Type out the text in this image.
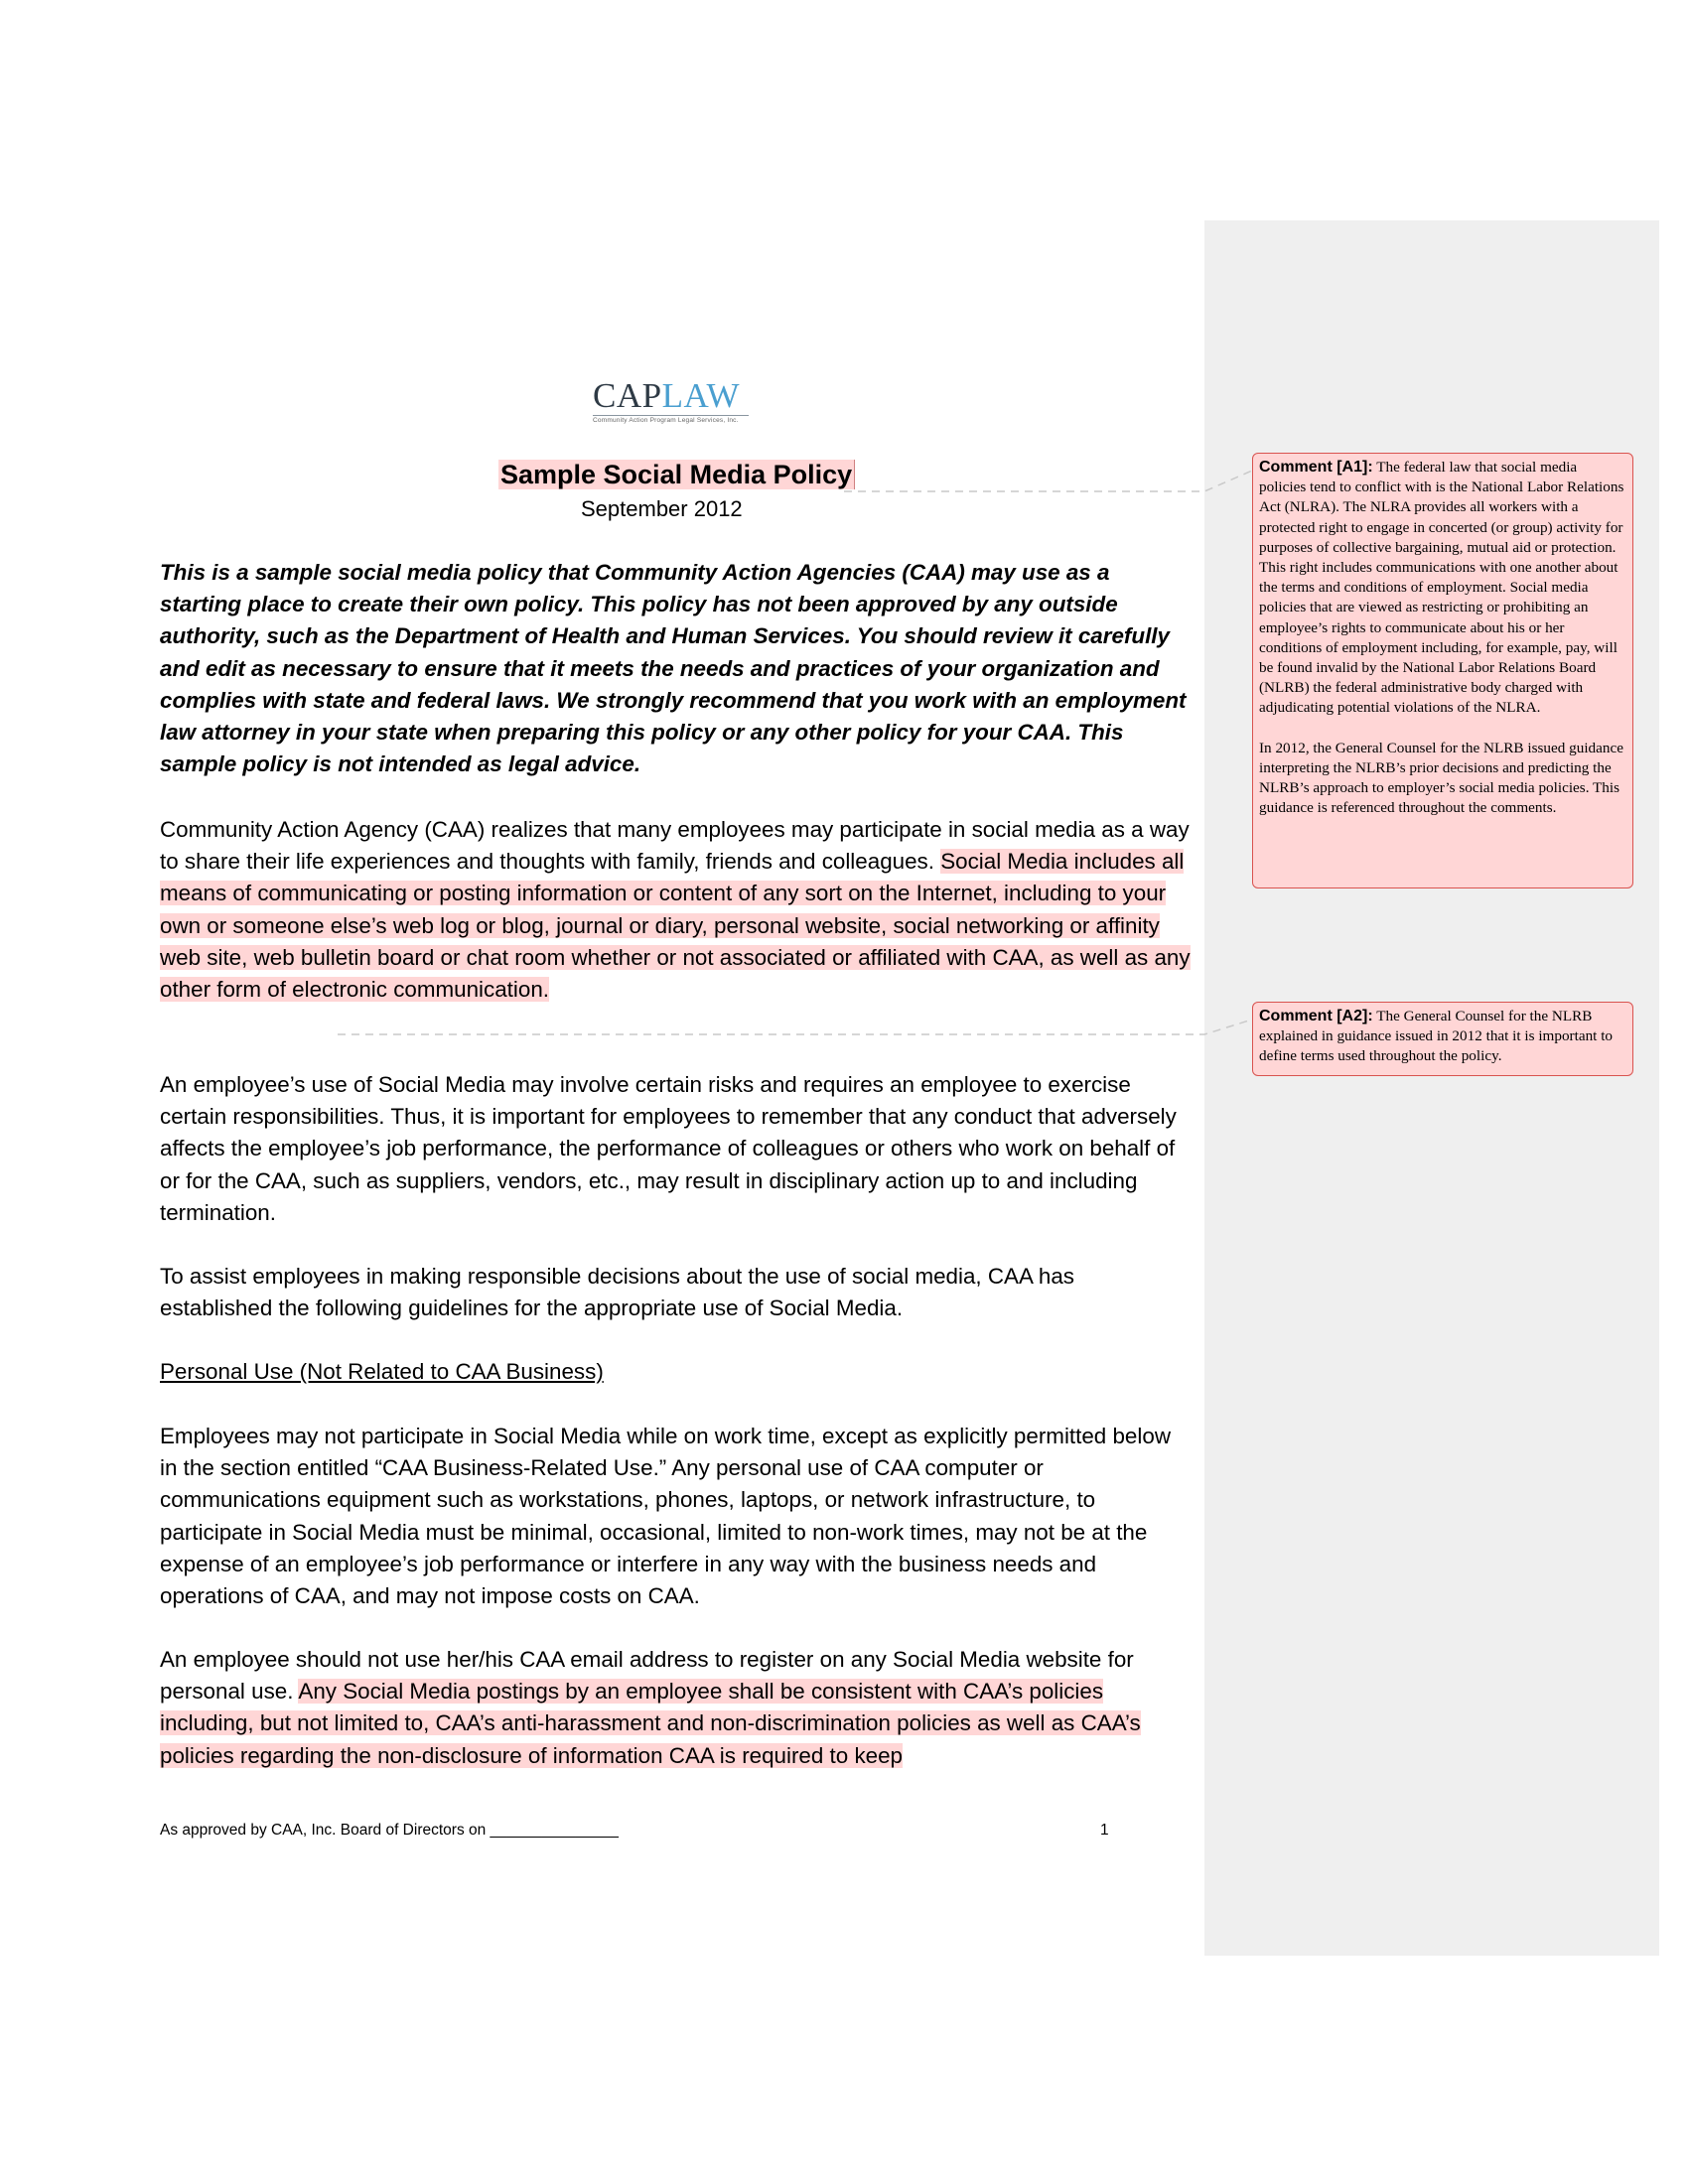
CAPLAW
Community Action Program Legal Services, Inc.
Sample Social Media Policy
September 2012

This is a sample social media policy that Community Action Agencies (CAA) may use as a starting place to create their own policy. This policy has not been approved by any outside authority, such as the Department of Health and Human Services. You should review it carefully and edit as necessary to ensure that it meets the needs and practices of your organization and complies with state and federal laws. We strongly recommend that you work with an employment law attorney in your state when preparing this policy or any other policy for your CAA. This sample policy is not intended as legal advice.

Community Action Agency (CAA) realizes that many employees may participate in social media as a way to share their life experiences and thoughts with family, friends and colleagues. Social Media includes all means of communicating or posting information or content of any sort on the Internet, including to your own or someone else’s web log or blog, journal or diary, personal website, social networking or affinity web site, web bulletin board or chat room whether or not associated or affiliated with CAA, as well as any other form of electronic communication.

An employee’s use of Social Media may involve certain risks and requires an employee to exercise certain responsibilities. Thus, it is important for employees to remember that any conduct that adversely affects the employee’s job performance, the performance of colleagues or others who work on behalf of or for the CAA, such as suppliers, vendors, etc., may result in disciplinary action up to and including termination.

To assist employees in making responsible decisions about the use of social media, CAA has established the following guidelines for the appropriate use of Social Media.

Personal Use (Not Related to CAA Business)

Employees may not participate in Social Media while on work time, except as explicitly permitted below in the section entitled “CAA Business-Related Use.” Any personal use of CAA computer or communications equipment such as workstations, phones, laptops, or network infrastructure, to participate in Social Media must be minimal, occasional, limited to non-work times, may not be at the expense of an employee’s job performance or interfere in any way with the business needs and operations of CAA, and may not impose costs on CAA.

An employee should not use her/his CAA email address to register on any Social Media website for personal use. Any Social Media postings by an employee shall be consistent with CAA’s policies including, but not limited to, CAA’s anti-harassment and non-discrimination policies as well as CAA’s policies regarding the non-disclosure of information CAA is required to keep

As approved by CAA, Inc. Board of Directors on _______________	1

Comment [A1]: The federal law that social media policies tend to conflict with is the National Labor Relations Act (NLRA). The NLRA provides all workers with a protected right to engage in concerted (or group) activity for purposes of collective bargaining, mutual aid or protection. This right includes communications with one another about the terms and conditions of employment. Social media policies that are viewed as restricting or prohibiting an employee’s rights to communicate about his or her conditions of employment including, for example, pay, will be found invalid by the National Labor Relations Board (NLRB) the federal administrative body charged with adjudicating potential violations of the NLRA.

In 2012, the General Counsel for the NLRB issued guidance interpreting the NLRB’s prior decisions and predicting the NLRB’s approach to employer’s social media policies. This guidance is referenced throughout the comments.

Comment [A2]: The General Counsel for the NLRB explained in guidance issued in 2012 that it is important to define terms used throughout the policy.
